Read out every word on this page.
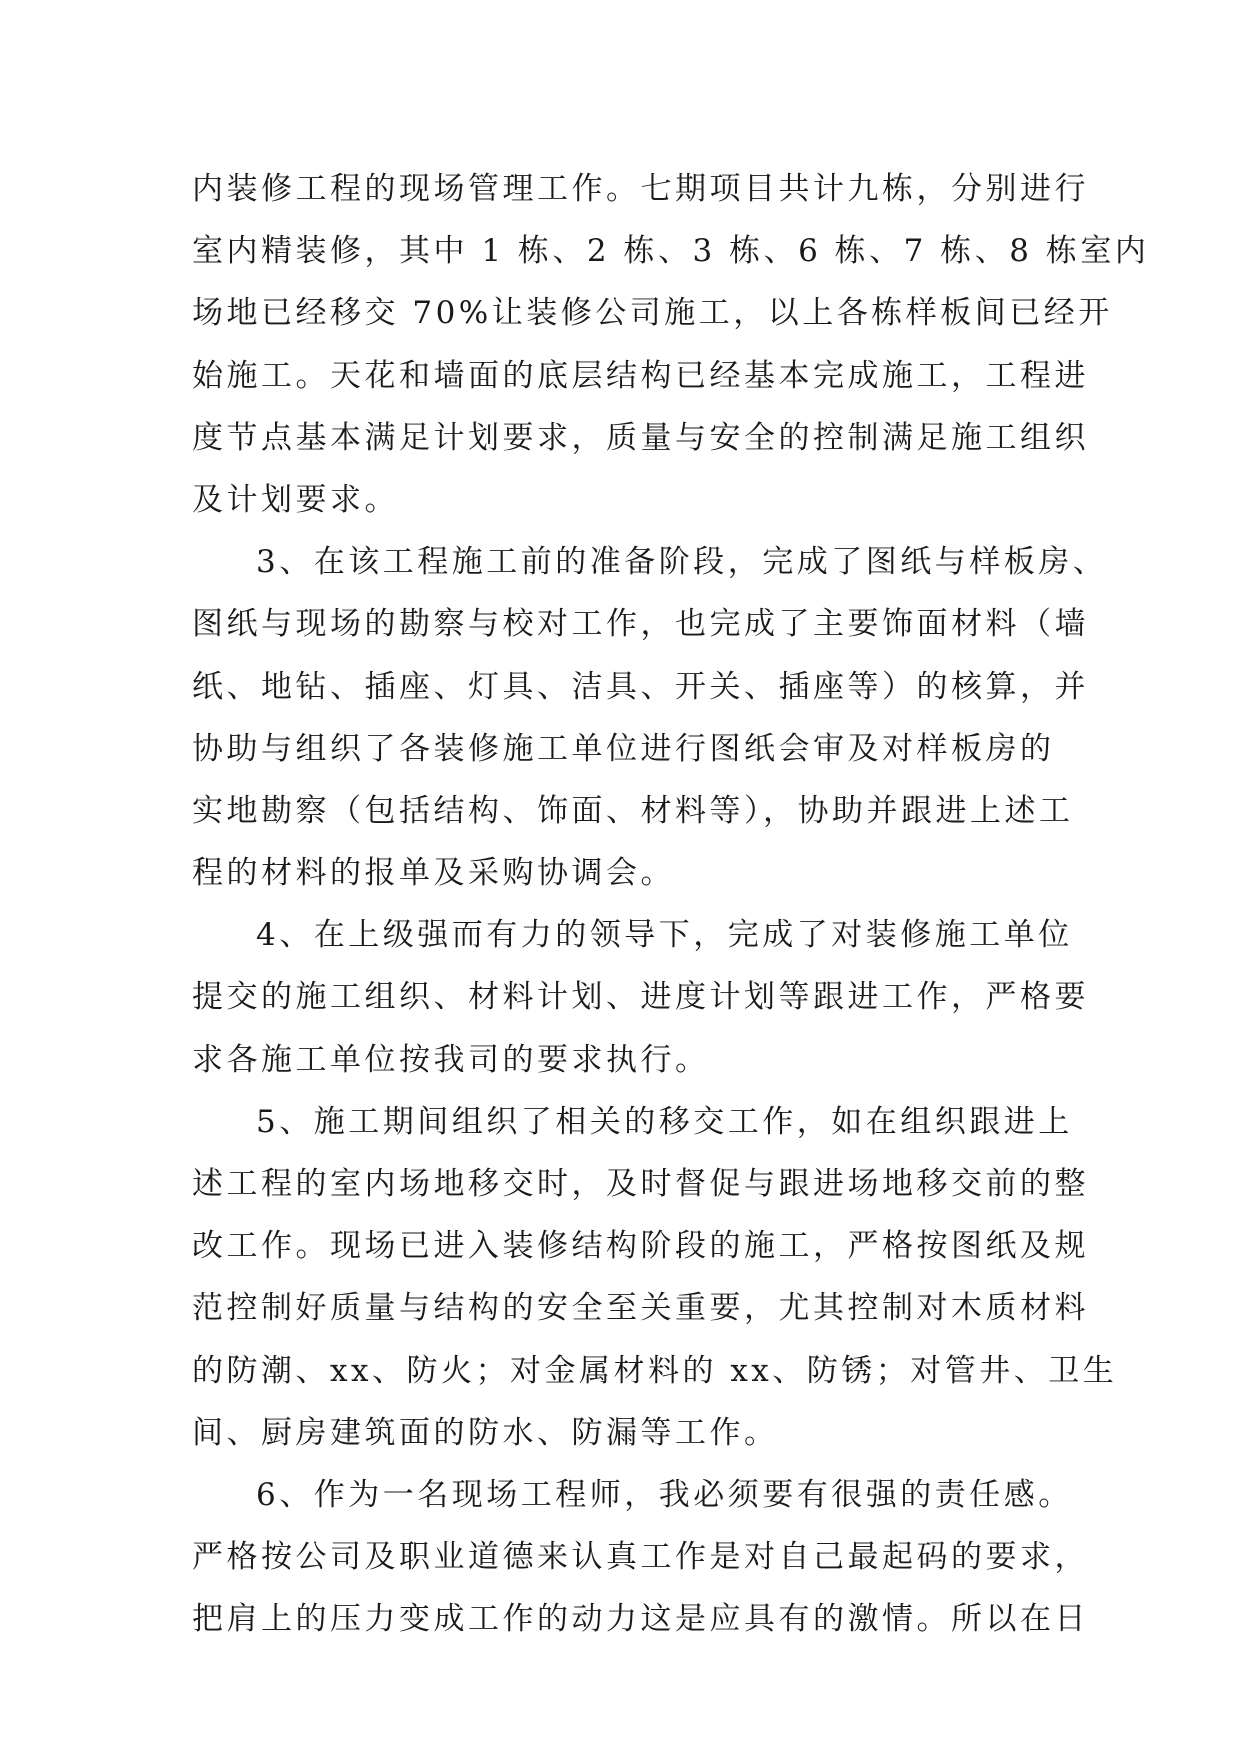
内装修工程的现场管理工作。七期项目共计九栋，分别进行
室内精装修，其中 1 栋、2 栋、3 栋、6 栋、7 栋、8 栋室内
场地已经移交 70%让装修公司施工，以上各栋样板间已经开
始施工。天花和墙面的底层结构已经基本完成施工，工程进
度节点基本满足计划要求，质量与安全的控制满足施工组织
及计划要求。
3、在该工程施工前的准备阶段，完成了图纸与样板房、
图纸与现场的勘察与校对工作，也完成了主要饰面材料（墙
纸、地钻、插座、灯具、洁具、开关、插座等）的核算，并
协助与组织了各装修施工单位进行图纸会审及对样板房的
实地勘察（包括结构、饰面、材料等），协助并跟进上述工
程的材料的报单及采购协调会。
4、在上级强而有力的领导下，完成了对装修施工单位
提交的施工组织、材料计划、进度计划等跟进工作，严格要
求各施工单位按我司的要求执行。
5、施工期间组织了相关的移交工作，如在组织跟进上
述工程的室内场地移交时，及时督促与跟进场地移交前的整
改工作。现场已进入装修结构阶段的施工，严格按图纸及规
范控制好质量与结构的安全至关重要，尤其控制对木质材料
的防潮、xx、防火；对金属材料的 xx、防锈；对管井、卫生
间、厨房建筑面的防水、防漏等工作。
6、作为一名现场工程师，我必须要有很强的责任感。
严格按公司及职业道德来认真工作是对自己最起码的要求，
把肩上的压力变成工作的动力这是应具有的激情。所以在日
